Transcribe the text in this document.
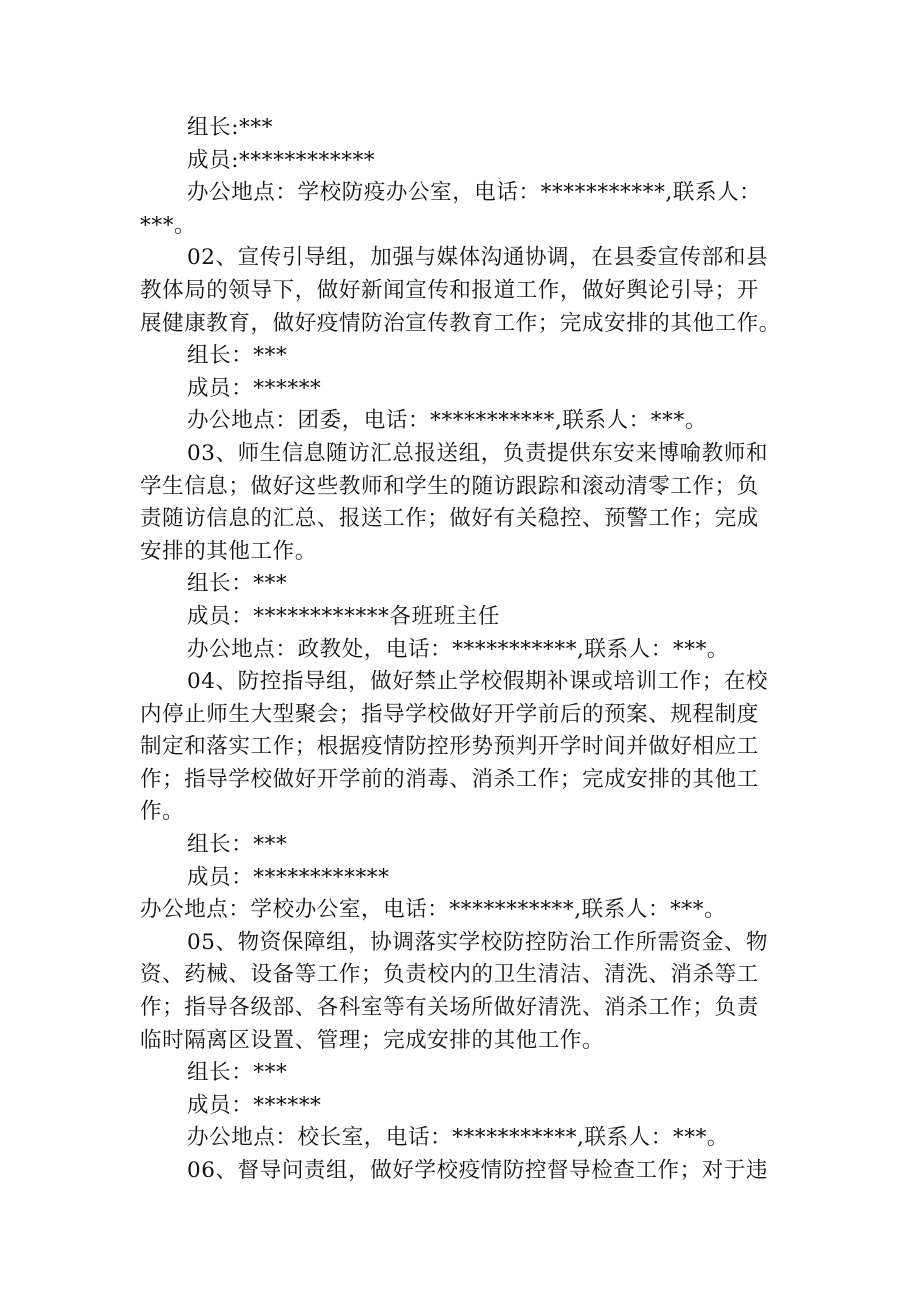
组长:***
成员:************
办公地点：学校防疫办公室，电话：***********,联系人：
***。
02、宣传引导组，加强与媒体沟通协调，在县委宣传部和县
教体局的领导下，做好新闻宣传和报道工作，做好舆论引导；开
展健康教育，做好疫情防治宣传教育工作；完成安排的其他工作。
组长：***
成员：******
办公地点：团委，电话：***********,联系人：***。
03、师生信息随访汇总报送组，负责提供东安来博喻教师和
学生信息；做好这些教师和学生的随访跟踪和滚动清零工作；负
责随访信息的汇总、报送工作；做好有关稳控、预警工作；完成
安排的其他工作。
组长：***
成员：************各班班主任
办公地点：政教处，电话：***********,联系人：***。
04、防控指导组，做好禁止学校假期补课或培训工作；在校
内停止师生大型聚会；指导学校做好开学前后的预案、规程制度
制定和落实工作；根据疫情防控形势预判开学时间并做好相应工
作；指导学校做好开学前的消毒、消杀工作；完成安排的其他工
作。
组长：***
成员：************
办公地点：学校办公室，电话：***********,联系人：***。
05、物资保障组，协调落实学校防控防治工作所需资金、物
资、药械、设备等工作；负责校内的卫生清洁、清洗、消杀等工
作；指导各级部、各科室等有关场所做好清洗、消杀工作；负责
临时隔离区设置、管理；完成安排的其他工作。
组长：***
成员：******
办公地点：校长室，电话：***********,联系人：***。
06、督导问责组，做好学校疫情防控督导检查工作；对于违
